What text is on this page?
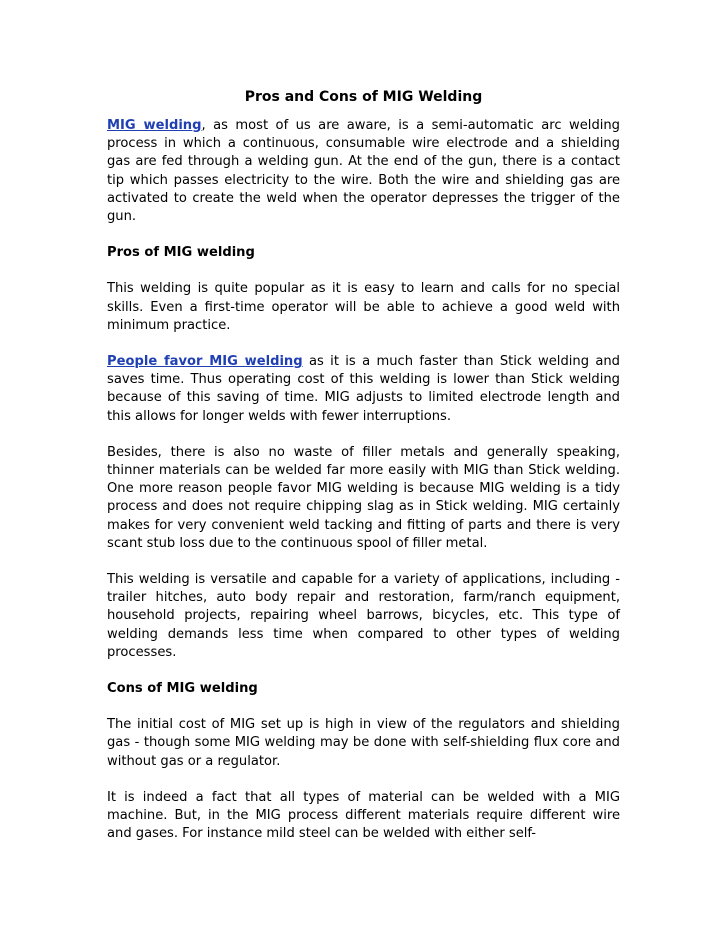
Pros and Cons of MIG Welding

MIG welding, as most of us are aware, is a semi-automatic arc welding process in which a continuous, consumable wire electrode and a shielding gas are fed through a welding gun. At the end of the gun, there is a contact tip which passes electricity to the wire. Both the wire and shielding gas are activated to create the weld when the operator depresses the trigger of the gun.

Pros of MIG welding

This welding is quite popular as it is easy to learn and calls for no special skills. Even a first-time operator will be able to achieve a good weld with minimum practice.

People favor MIG welding as it is a much faster than Stick welding and saves time. Thus operating cost of this welding is lower than Stick welding because of this saving of time. MIG adjusts to limited electrode length and this allows for longer welds with fewer interruptions.

Besides, there is also no waste of filler metals and generally speaking, thinner materials can be welded far more easily with MIG than Stick welding. One more reason people favor MIG welding is because MIG welding is a tidy process and does not require chipping slag as in Stick welding. MIG certainly makes for very convenient weld tacking and fitting of parts and there is very scant stub loss due to the continuous spool of filler metal.

This welding is versatile and capable for a variety of applications, including - trailer hitches, auto body repair and restoration, farm/ranch equipment, household projects, repairing wheel barrows, bicycles, etc. This type of welding demands less time when compared to other types of welding processes.

Cons of MIG welding

The initial cost of MIG set up is high in view of the regulators and shielding gas - though some MIG welding may be done with self-shielding flux core and without gas or a regulator.

It is indeed a fact that all types of material can be welded with a MIG machine. But, in the MIG process different materials require different wire and gases. For instance mild steel can be welded with either self-
